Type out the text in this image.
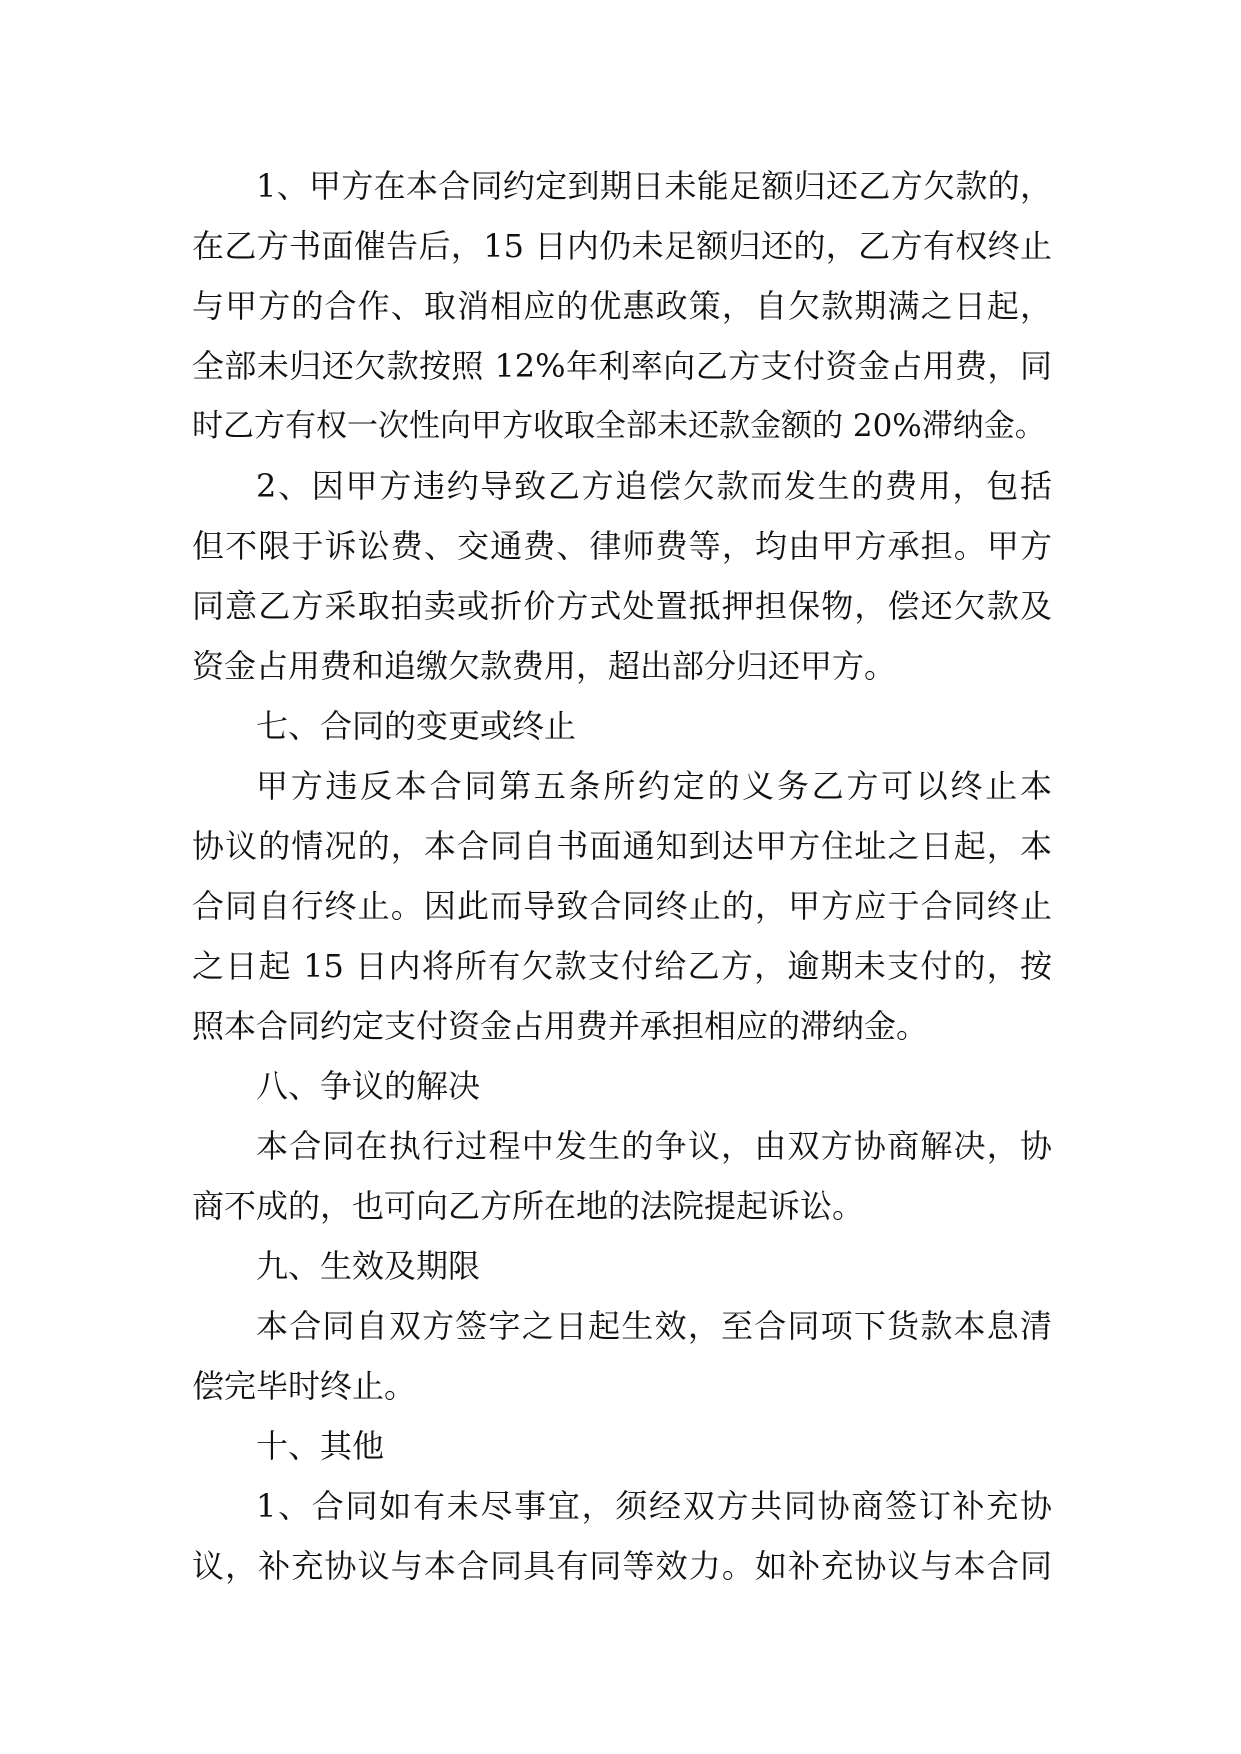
1、甲方在本合同约定到期日未能足额归还乙方欠款的，
在乙方书面催告后，15 日内仍未足额归还的，乙方有权终止
与甲方的合作、取消相应的优惠政策，自欠款期满之日起，
全部未归还欠款按照 12%年利率向乙方支付资金占用费，同
时乙方有权一次性向甲方收取全部未还款金额的 20%滞纳金。
2、因甲方违约导致乙方追偿欠款而发生的费用，包括
但不限于诉讼费、交通费、律师费等，均由甲方承担。甲方
同意乙方采取拍卖或折价方式处置抵押担保物，偿还欠款及
资金占用费和追缴欠款费用，超出部分归还甲方。
七、合同的变更或终止
甲方违反本合同第五条所约定的义务乙方可以终止本
协议的情况的，本合同自书面通知到达甲方住址之日起，本
合同自行终止。因此而导致合同终止的，甲方应于合同终止
之日起 15 日内将所有欠款支付给乙方，逾期未支付的，按
照本合同约定支付资金占用费并承担相应的滞纳金。
八、争议的解决
本合同在执行过程中发生的争议，由双方协商解决，协
商不成的，也可向乙方所在地的法院提起诉讼。
九、生效及期限
本合同自双方签字之日起生效，至合同项下货款本息清
偿完毕时终止。
十、其他
1、合同如有未尽事宜，须经双方共同协商签订补充协
议，补充协议与本合同具有同等效力。如补充协议与本合同
